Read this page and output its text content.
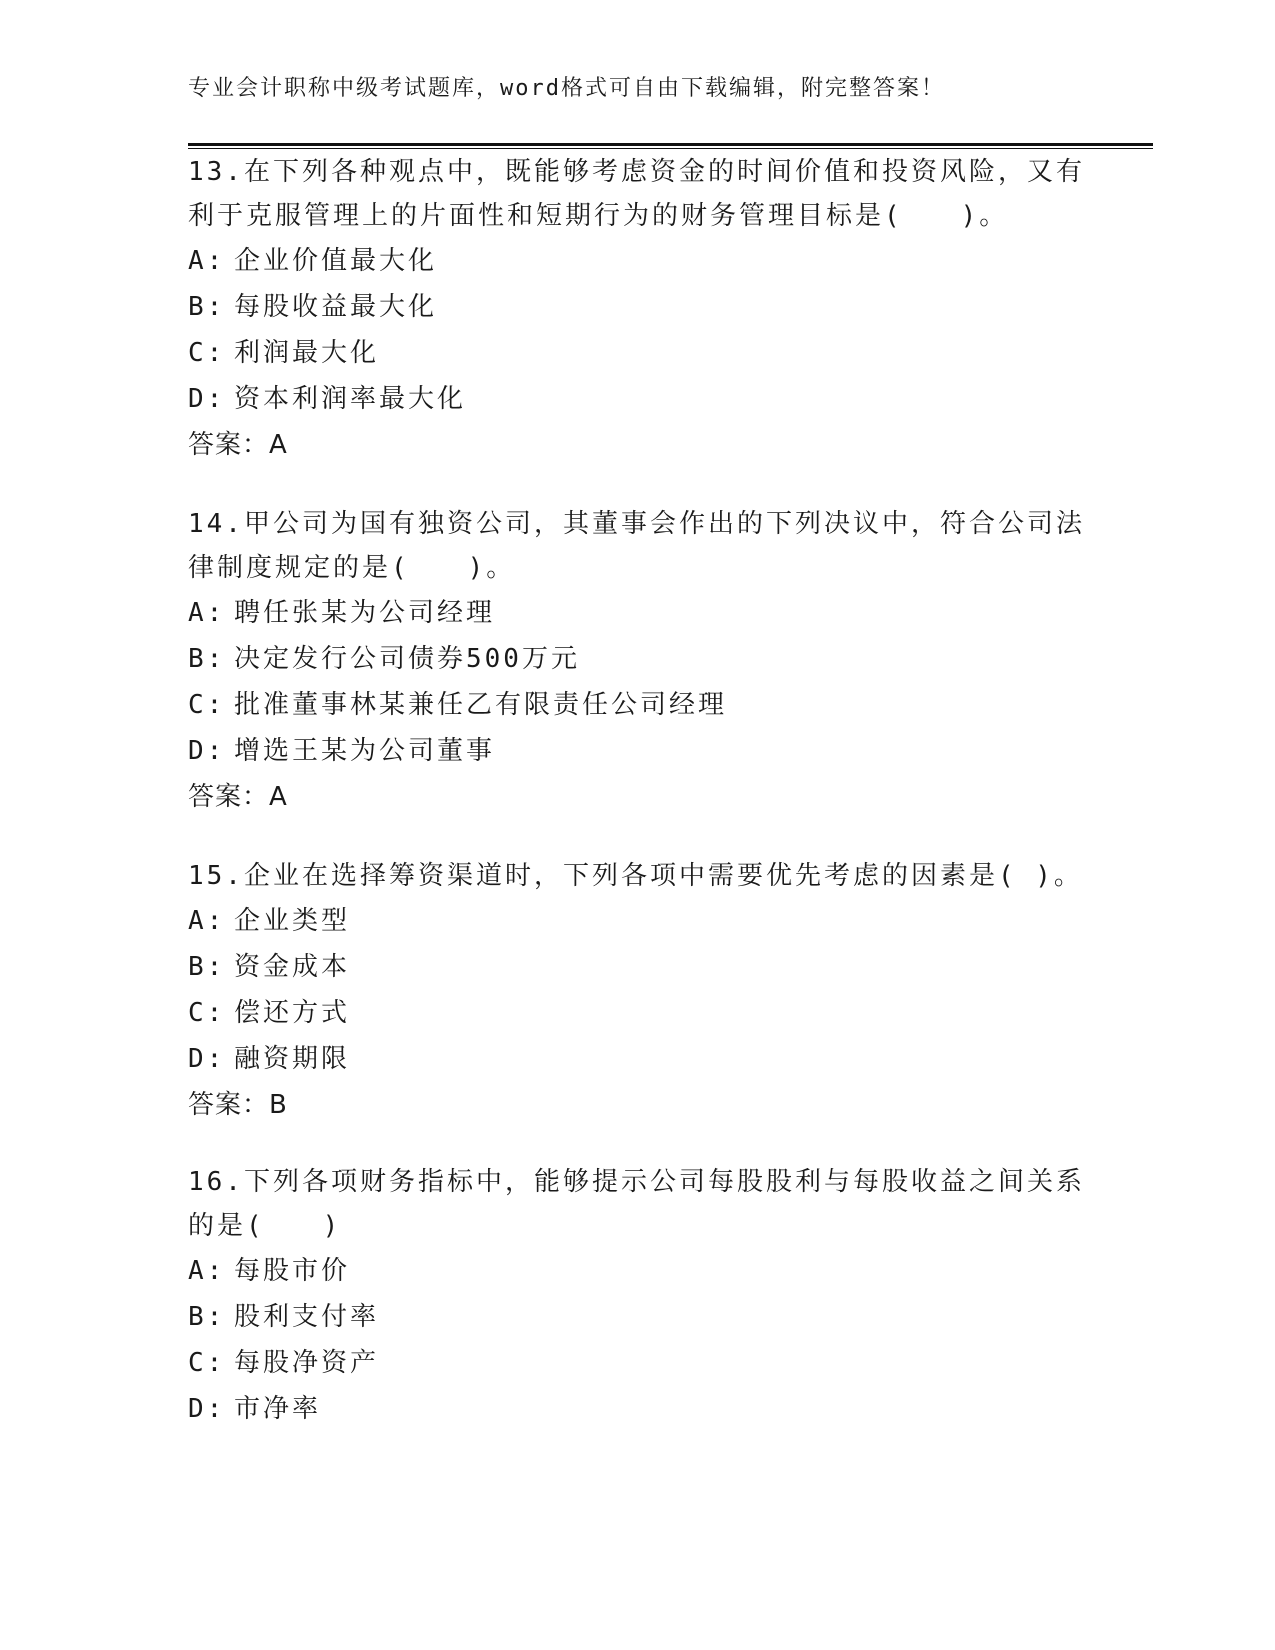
专业会计职称中级考试题库，word格式可自由下载编辑，附完整答案！
13.在下列各种观点中，既能够考虑资金的时间价值和投资风险，又有
利于克服管理上的片面性和短期行为的财务管理目标是(　　)。
A: 企业价值最大化
B: 每股收益最大化
C: 利润最大化
D: 资本利润率最大化
答案：A
14.甲公司为国有独资公司，其董事会作出的下列决议中，符合公司法
律制度规定的是(　　)。
A: 聘任张某为公司经理
B: 决定发行公司债券500万元
C: 批准董事林某兼任乙有限责任公司经理
D: 增选王某为公司董事
答案：A
15.企业在选择筹资渠道时，下列各项中需要优先考虑的因素是( )。
A: 企业类型
B: 资金成本
C: 偿还方式
D: 融资期限
答案：B
16.下列各项财务指标中，能够提示公司每股股利与每股收益之间关系
的是(　　)
A: 每股市价
B: 股利支付率
C: 每股净资产
D: 市净率
